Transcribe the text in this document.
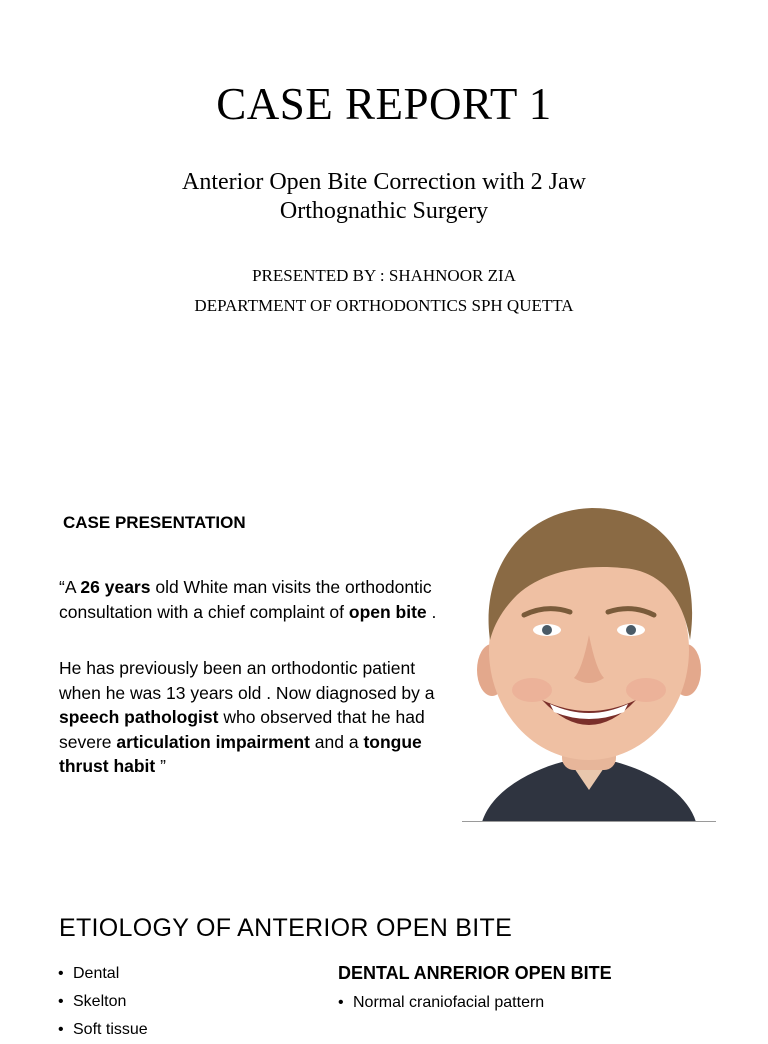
CASE REPORT 1
Anterior Open Bite Correction with 2 Jaw
Orthognathic Surgery
PRESENTED BY : SHAHNOOR ZIA
DEPARTMENT OF ORTHODONTICS SPH QUETTA
CASE PRESENTATION

“A 26 years old White man visits the orthodontic consultation with a chief complaint of open bite .

He has previously been an orthodontic patient when he was 13 years old . Now diagnosed by a speech pathologist who observed that he had severe articulation impairment and a tongue thrust habit ”

ETIOLOGY OF ANTERIOR OPEN BITE
• Dental
• Skelton
• Soft tissue
DENTAL ANRERIOR OPEN BITE
• Normal craniofacial pattern
